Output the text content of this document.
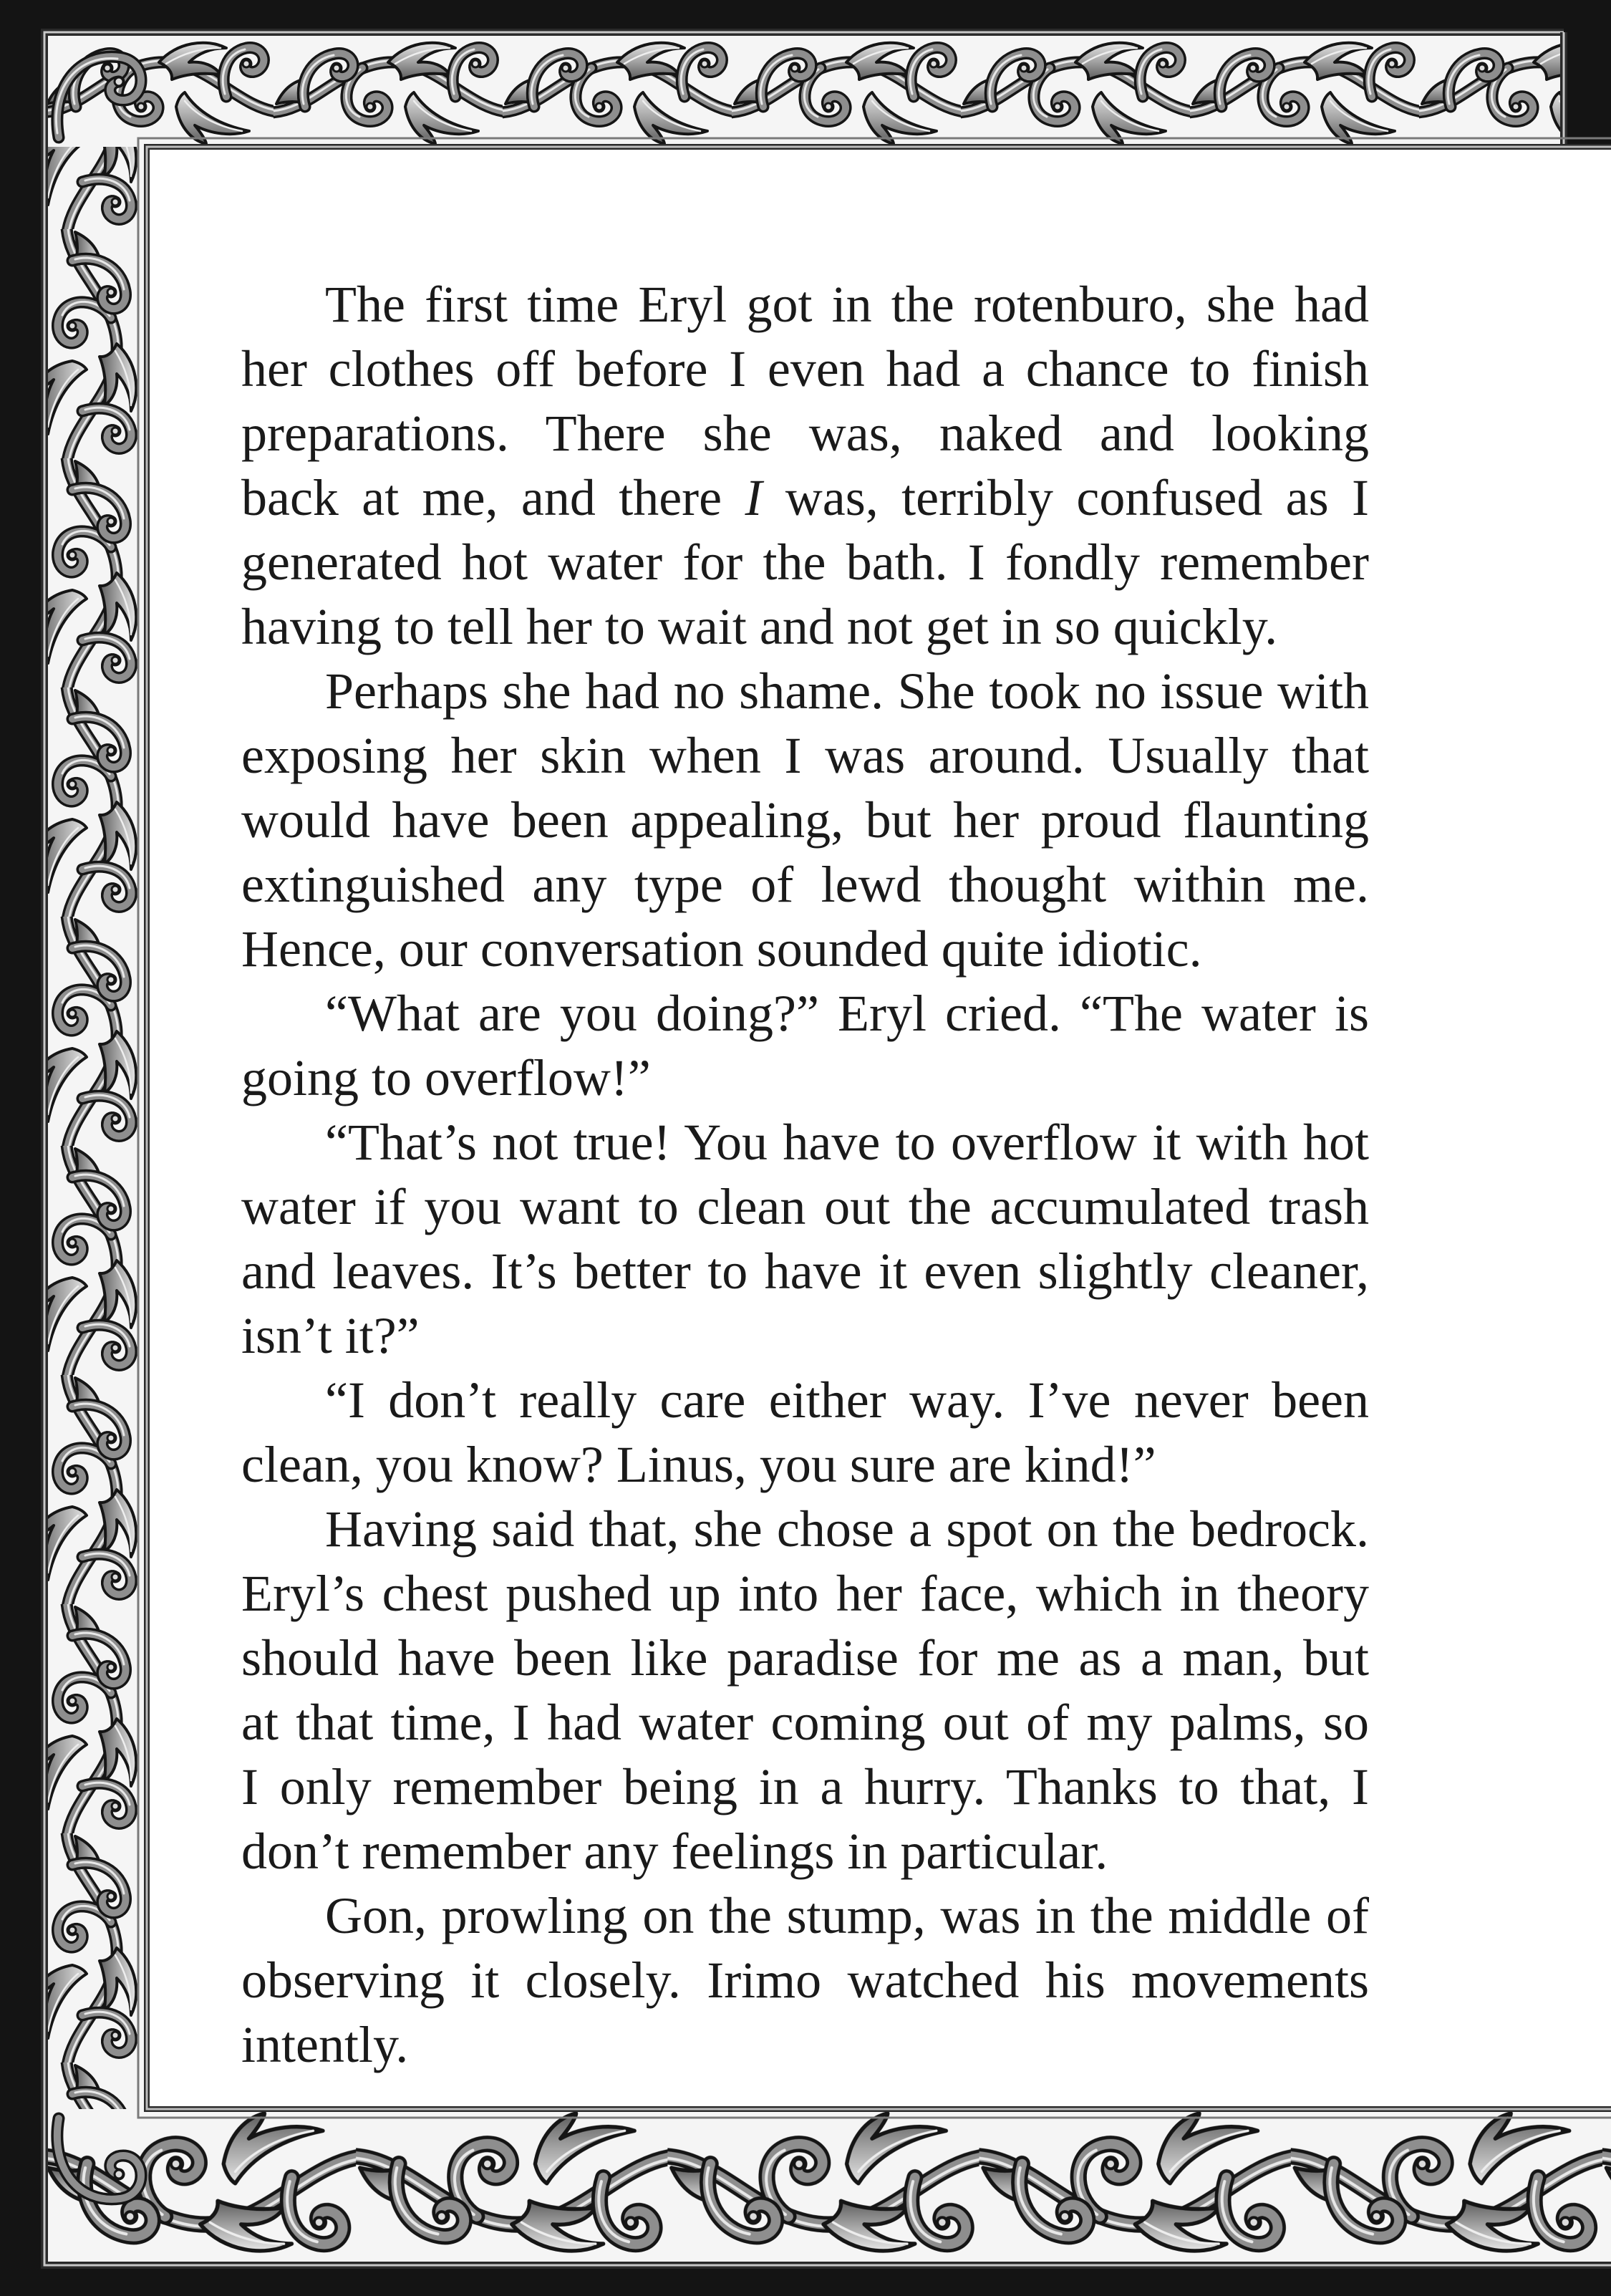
The first time Eryl got in the rotenburo, she had
her clothes off before I even had a chance to finish
preparations. There she was, naked and looking
back at me, and there I was, terribly confused as I
generated hot water for the bath. I fondly remember
having to tell her to wait and not get in so quickly.
Perhaps she had no shame. She took no issue with
exposing her skin when I was around. Usually that
would have been appealing, but her proud flaunting
extinguished any type of lewd thought within me.
Hence, our conversation sounded quite idiotic.
“What are you doing?” Eryl cried. “The water is
going to overflow!”
“That’s not true! You have to overflow it with hot
water if you want to clean out the accumulated trash
and leaves. It’s better to have it even slightly cleaner,
isn’t it?”
“I don’t really care either way. I’ve never been
clean, you know? Linus, you sure are kind!”
Having said that, she chose a spot on the bedrock.
Eryl’s chest pushed up into her face, which in theory
should have been like paradise for me as a man, but
at that time, I had water coming out of my palms, so
I only remember being in a hurry. Thanks to that, I
don’t remember any feelings in particular.
Gon, prowling on the stump, was in the middle of
observing it closely. Irimo watched his movements
intently.
